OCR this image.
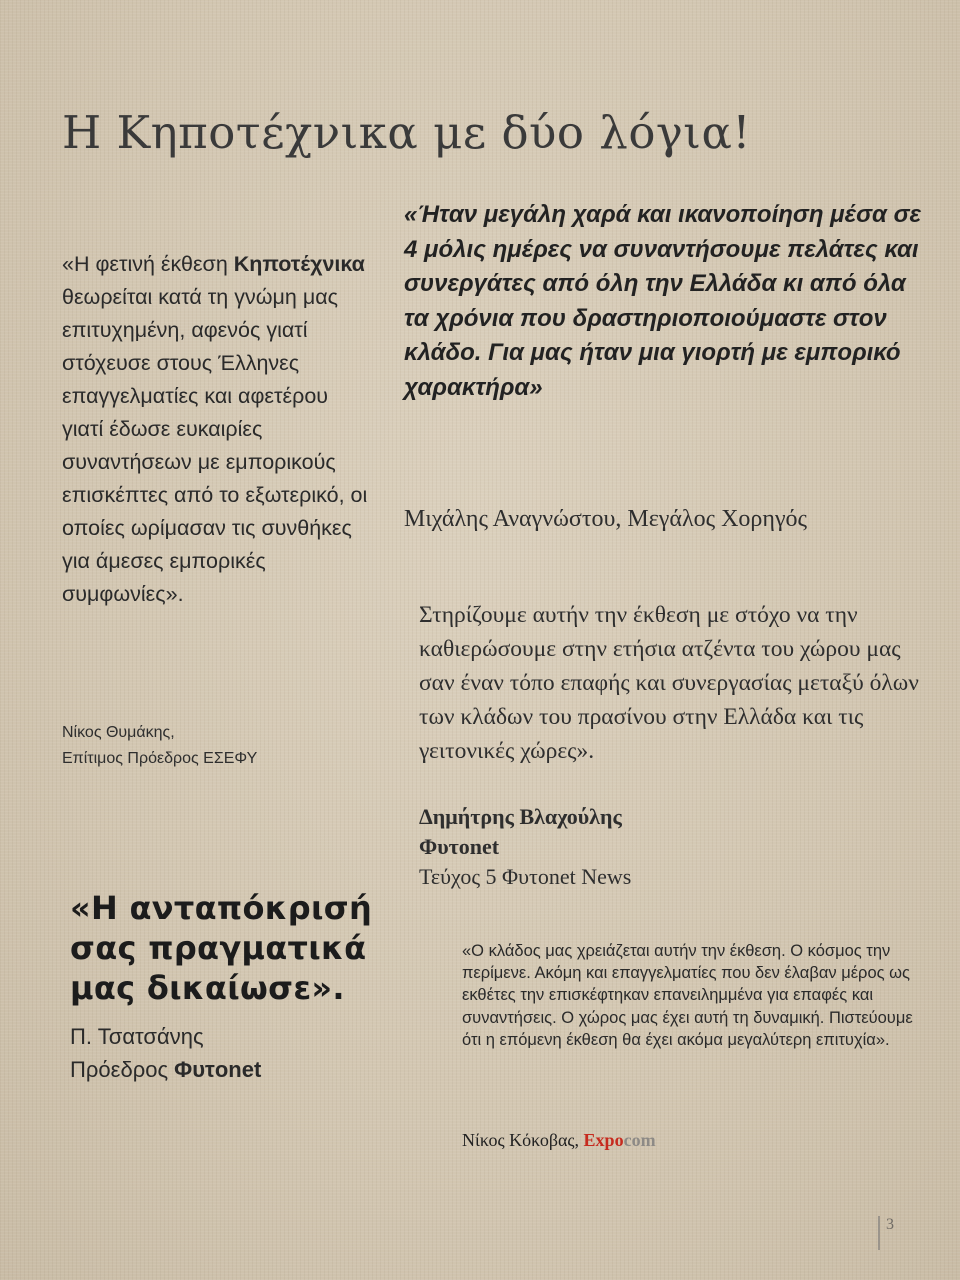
Η Κηποτέχνικα με δύο λόγια!
«Η φετινή έκθεση Κηποτέχνικα θεωρείται κατά τη γνώμη μας επιτυχημένη, αφενός γιατί στόχευσε στους Έλληνες επαγγελματίες και αφετέρου γιατί έδωσε ευκαιρίες συναντήσεων με εμπορικούς επισκέπτες από το εξωτερικό, οι οποίες ωρίμασαν τις συνθήκες για άμεσες εμπορικές συμφωνίες».
Νίκος Θυμάκης,
Επίτιμος Πρόεδρος ΕΣΕΦΥ
«Η ανταπόκρισή σας πραγματικά μας δικαίωσε».
Π. Τσατσάνης
Πρόεδρος Φυτonet
«Ήταν μεγάλη χαρά και ικανοποίηση μέσα σε 4 μόλις ημέρες να συναντήσουμε πελάτες και συνεργάτες από όλη την Ελλάδα κι από όλα τα χρόνια που δραστηριοποιούμαστε στον κλάδο. Για μας ήταν μια γιορτή με εμπορικό χαρακτήρα»
Μιχάλης Αναγνώστου, Μεγάλος Χορηγός
Στηρίζουμε αυτήν την έκθεση με στόχο να την καθιερώσουμε στην ετήσια ατζέντα του χώρου μας σαν έναν τόπο επαφής και συνεργασίας μεταξύ όλων των κλάδων του πρασίνου στην Ελλάδα και τις γειτονικές χώρες».
Δημήτρης Βλαχούλης
Φυτonet
Τεύχος 5 Φυτonet News
«Ο κλάδος μας χρειάζεται αυτήν την έκθεση. Ο κόσμος την περίμενε. Ακόμη και επαγγελματίες που δεν έλαβαν μέρος ως εκθέτες την επισκέφτηκαν επανειλημμένα για επαφές και συναντήσεις. Ο χώρος μας έχει αυτή τη δυναμική. Πιστεύουμε ότι η επόμενη έκθεση θα έχει ακόμα μεγαλύτερη επιτυχία».
Νίκος Κόκοβας, Expocom
3
